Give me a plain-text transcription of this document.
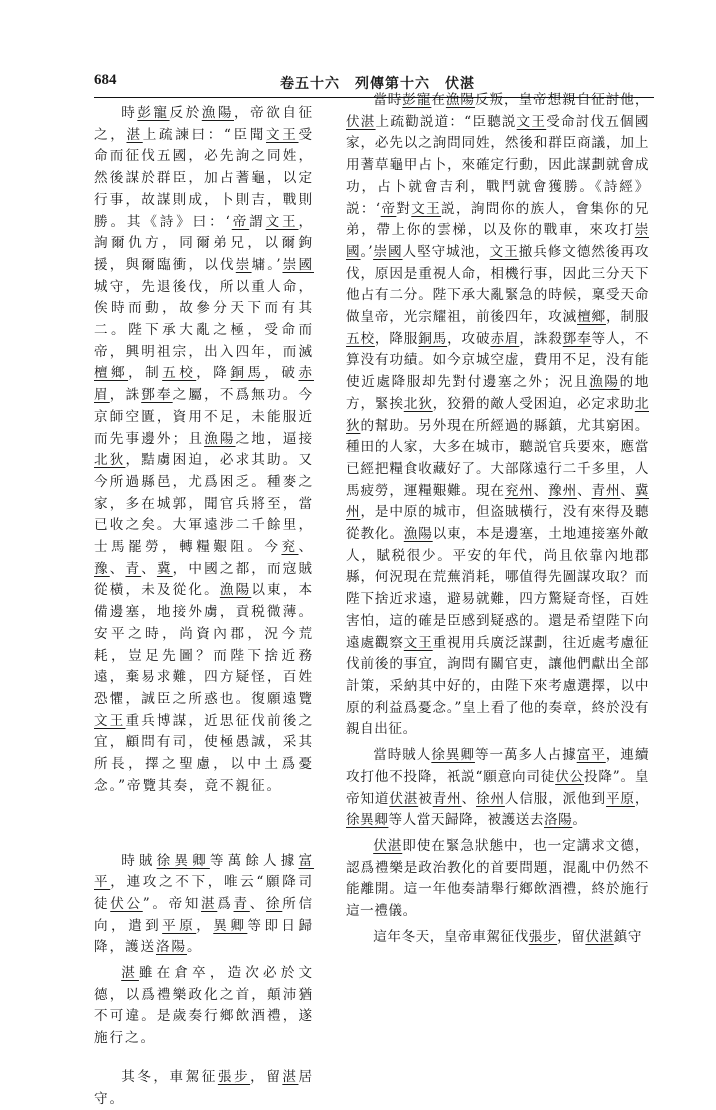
684	卷五十六　列傳第十六　伏湛

時彭寵反於漁陽，帝欲自征之，湛上疏諫曰：“臣聞文王受命而征伐五國，必先詢之同姓，然後謀於群臣，加占蓍龜，以定行事，故謀則成，卜則吉，戰則勝。其《詩》曰：‘帝謂文王，詢爾仇方，同爾弟兄，以爾鉤援，與爾臨衝，以伐崇墉。’崇國城守，先退後伐，所以重人命，俟時而動，故參分天下而有其二。陛下承大亂之極，受命而帝，興明祖宗，出入四年，而滅檀鄉，制五校，降銅馬，破赤眉，誅鄧奉之屬，不爲無功。今京師空匱，資用不足，未能服近而先事邊外；且漁陽之地，逼接北狄，黠虜困迫，必求其助。又今所過縣邑，尤爲困乏。種麥之家，多在城郭，聞官兵將至，當已收之矣。大軍遠涉二千餘里，士馬罷勞，轉糧艱阻。今兖、豫、青、冀，中國之都，而寇賊從橫，未及從化。漁陽以東，本備邊塞，地接外虜，貢税微薄。安平之時，尚資內郡，況今荒耗，豈足先圖？而陛下捨近務遠，棄易求難，四方疑怪，百姓恐懼，誠臣之所惑也。復願遠覽文王重兵博謀，近思征伐前後之宜，顧問有司，使極愚誠，采其所長，擇之聖慮，以中土爲憂念。”帝覽其奏，竟不親征。

時賊徐異卿等萬餘人據富平，連攻之不下，唯云“願降司徒伏公”。帝知湛爲青、徐所信向，遣到平原，異卿等即日歸降，護送洛陽。

湛雖在倉卒，造次必於文德，以爲禮樂政化之首，顛沛猶不可違。是歲奏行鄉飲酒禮，遂施行之。

其冬，車駕征張步，留湛居守。

當時彭寵在漁陽反叛，皇帝想親自征討他，伏湛上疏勸説道：“臣聽説文王受命討伐五個國家，必先以之詢問同姓，然後和群臣商議，加上用蓍草龜甲占卜，來確定行動，因此謀劃就會成功，占卜就會吉利，戰鬥就會獲勝。《詩經》説：‘帝對文王説，詢問你的族人，會集你的兄弟，帶上你的雲梯，以及你的戰車，來攻打崇國。’崇國人堅守城池，文王撤兵修文德然後再攻伐，原因是重視人命，相機行事，因此三分天下他占有二分。陛下承大亂緊急的時候，稟受天命做皇帝，光宗耀祖，前後四年，攻滅檀鄉，制服五校，降服銅馬，攻破赤眉，誅殺鄧奉等人，不算没有功績。如今京城空虚，費用不足，没有能使近處降服却先對付邊塞之外；況且漁陽的地方，緊挨北狄，狡猾的敵人受困迫，必定求助北狄的幫助。另外現在所經過的縣鎮，尤其窮困。種田的人家，大多在城市，聽説官兵要來，應當已經把糧食收藏好了。大部隊遠行二千多里，人馬疲勞，運糧艱難。現在兖州、豫州、青州、冀州，是中原的城市，但盗賊橫行，没有來得及聽從教化。漁陽以東，本是邊塞，土地連接塞外敵人，賦税很少。平安的年代，尚且依靠內地郡縣，何況現在荒蕪消耗，哪值得先圖謀攻取？而陛下捨近求遠，避易就難，四方驚疑奇怪，百姓害怕，這的確是臣感到疑惑的。還是希望陛下向遠處觀察文王重視用兵廣泛謀劃，往近處考慮征伐前後的事宜，詢問有關官吏，讓他們獻出全部計策，采納其中好的，由陛下來考慮選擇，以中原的利益爲憂念。”皇上看了他的奏章，終於没有親自出征。

當時賊人徐異卿等一萬多人占據富平，連續攻打他不投降，衹説“願意向司徒伏公投降”。皇帝知道伏湛被青州、徐州人信服，派他到平原，徐異卿等人當天歸降，被護送去洛陽。

伏湛即使在緊急狀態中，也一定講求文德，認爲禮樂是政治教化的首要問題，混亂中仍然不能離開。這一年他奏請舉行鄉飲酒禮，終於施行這一禮儀。

這年冬天，皇帝車駕征伐張步，留伏湛鎮守
